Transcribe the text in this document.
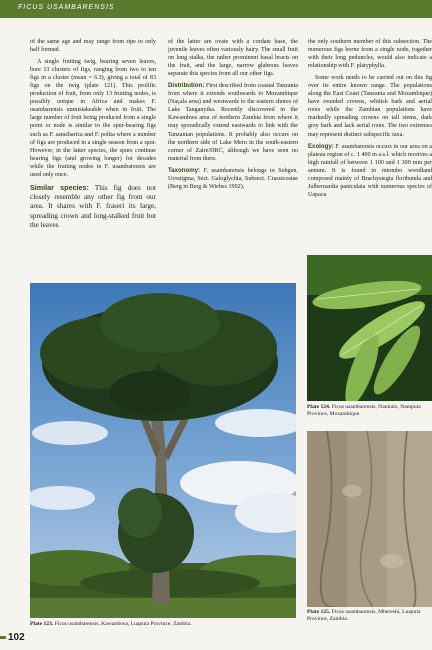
FICUS USAMBARENSIS

of the same age and may range from ripe to only half formed.

A single fruiting twig, bearing seven leaves, bore 13 clusters of figs, ranging from two to ten figs in a cluster (mean = 6.3), giving a total of 83 figs on the twig (plate 121). This prolific production of fruit, from only 13 fruiting nodes, is possibly unique in Africa and makes F. usambarensis unmistakeable when in fruit. The large number of fruit being produced from a single point or node is similar to the spur-bearing figs such as F. sansibarica and F. polita where a number of figs are produced in a single season from a spur. However, in the latter species, the spurs continue bearing figs (and growing longer) for decades while the fruiting nodes in F. usambarensis are used only once.

Similar species: This fig does not closely resemble any other fig from our area. It shares with F. fraseri its large, spreading crown and long-stalked fruit but the leaves

of the latter are ovate with a cordate base, the juvenile leaves often variously hairy. The small fruit on long stalks, the rather prominent basal bracts on the fruit, and the large, narrow glabrous leaves separate this species from all our other figs.

Distribution: First described from coastal Tanzania from where it extends southwards to Mozambique (Naçala area) and westwards to the eastern shores of Lake Tanganyika. Recently discovered in the Kawambwa area of northern Zambia from where it may sporadically extend eastwards to link with the Tanzanian populations. It probably also occurs on the northern side of Lake Meru in the south-eastern corner of Zaire/DRC, although we have seen no material from there.

Taxonomy: F. usambarensis belongs to Subgen. Urostigma, Sect. Galoglychia, Subsect. Crassicostae (Berg in Berg & Wiebes 1992),

the only southern member of this subsection. The numerous figs borne from a single node, together with their long peduncles, would also indicate a relationship with F. platyphylla.

Some work needs to be carried out on this fig over its entire known range. The populations along the East Coast (Tanzania and Mozambique) have rounded crowns, whitish bark and aerial roots while the Zambian populations have markedly spreading crowns on tall stems, dark grey bark and lack aerial roots. The two extremes may represent distinct subspecific taxa.

Ecology: F. usambarensis occurs in our area on a plateau region of c. 1 400 m a.s.l. which receives a high rainfall of between 1 100 and 1 300 mm per annum. It is found in miombo woodland composed mainly of Brachystegia floribunda and Julbernardia paniculata with numerous species of Uapaca

Plate 123. Ficus usambarensis, Kawambwa, Luapula Province, Zambia.
Plate 124. Ficus usambarensis, Namialo, Nampula Province, Mozambique.
Plate 125. Ficus usambarensis, Mbereshi, Luapula Province, Zambia.
102
